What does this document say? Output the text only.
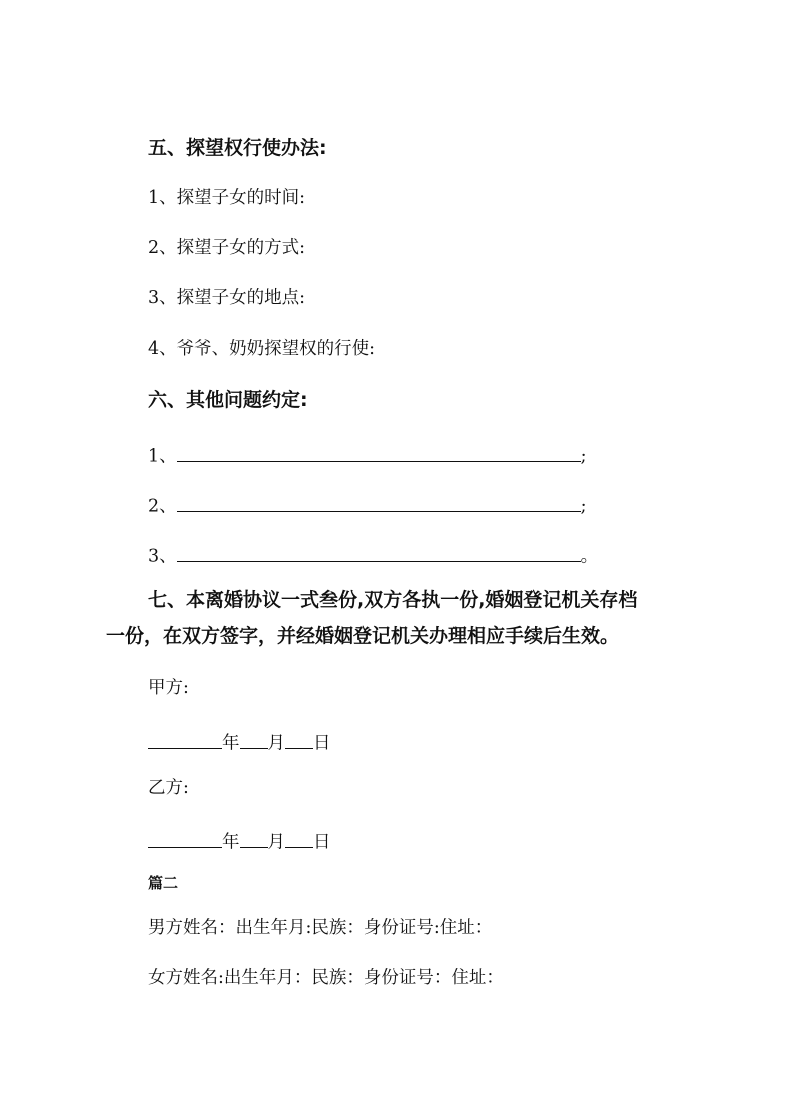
五、探望权行使办法:
1、探望子女的时间:
2、探望子女的方式:
3、探望子女的地点:
4、爷爷、奶奶探望权的行使:
六、其他问题约定:
1、	;
2、	;
3、	。
七、本离婚协议一式叁份,双方各执一份,婚姻登记机关存档
一份，在双方签字，并经婚姻登记机关办理相应手续后生效。
甲方:
年 月 日
乙方:
年 月 日
篇二
男方姓名：出生年月:民族：身份证号:住址：
女方姓名:出生年月：民族：身份证号：住址：
